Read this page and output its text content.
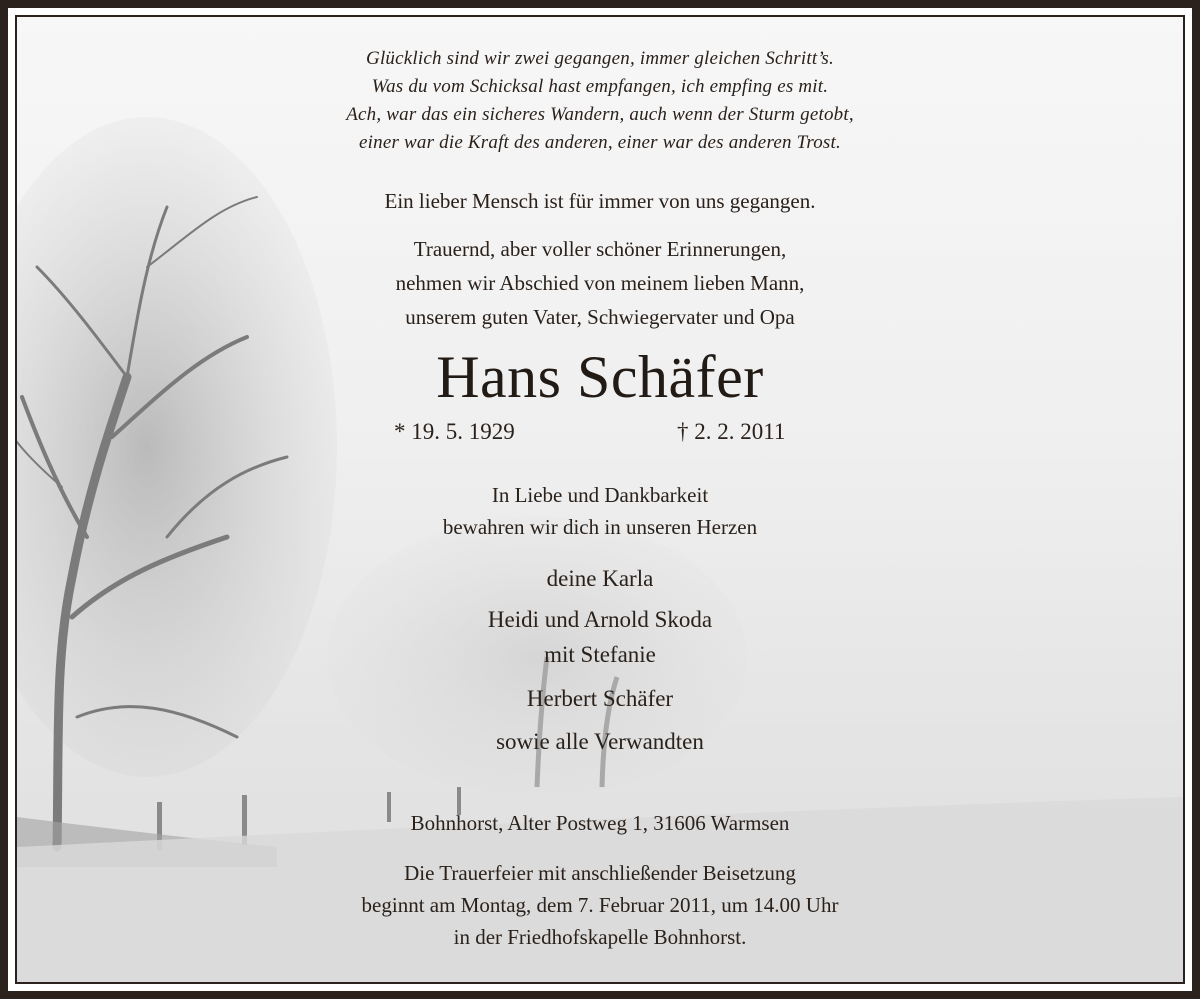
Glücklich sind wir zwei gegangen, immer gleichen Schritt’s.
Was du vom Schicksal hast empfangen, ich empfing es mit.
Ach, war das ein sicheres Wandern, auch wenn der Sturm getobt,
einer war die Kraft des anderen, einer war des anderen Trost.
Ein lieber Mensch ist für immer von uns gegangen.
Trauernd, aber voller schöner Erinnerungen,
nehmen wir Abschied von meinem lieben Mann,
unserem guten Vater, Schwiegervater und Opa
Hans Schäfer
* 19. 5. 1929	† 2. 2. 2011
In Liebe und Dankbarkeit
bewahren wir dich in unseren Herzen
deine Karla
Heidi und Arnold Skoda
mit Stefanie
Herbert Schäfer
sowie alle Verwandten
Bohnhorst, Alter Postweg 1, 31606 Warmsen
Die Trauerfeier mit anschließender Beisetzung
beginnt am Montag, dem 7. Februar 2011, um 14.00 Uhr
in der Friedhofskapelle Bohnhorst.
